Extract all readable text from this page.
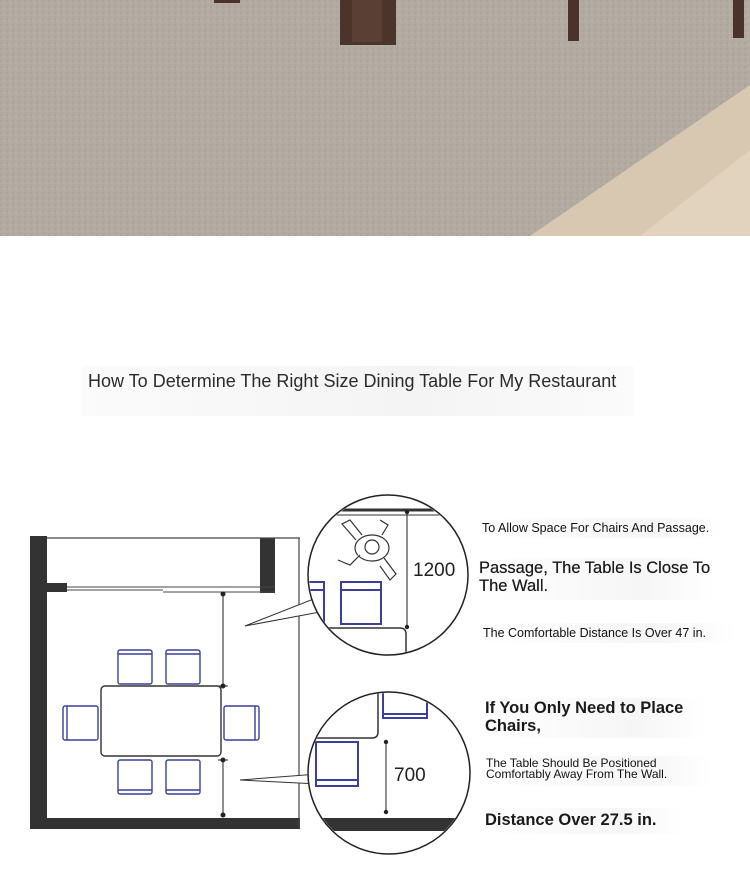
How To Determine The Right Size Dining Table For My Restaurant
1200
700
To Allow Space For Chairs And Passage.
Passage, The Table Is Close To The Wall.
The Comfortable Distance Is Over 47 in.
If You Only Need to Place Chairs,
The Table Should Be Positioned Comfortably Away From The Wall.
Distance Over 27.5 in.
